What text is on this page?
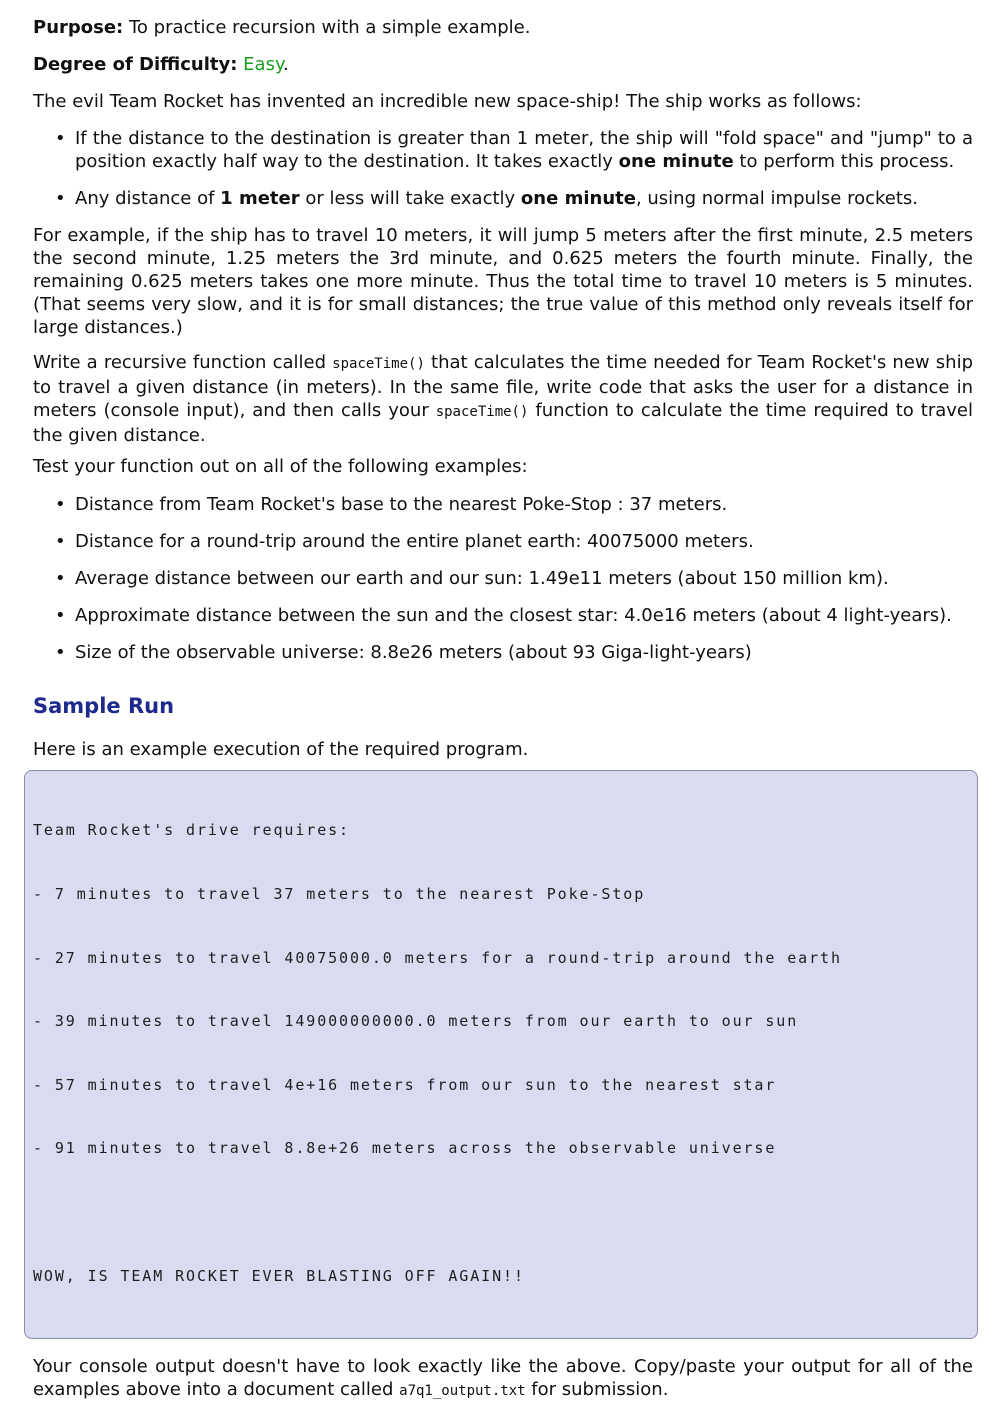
Purpose: To practice recursion with a simple example.

Degree of Difficulty: Easy.

The evil Team Rocket has invented an incredible new space-ship! The ship works as follows:

• If the distance to the destination is greater than 1 meter, the ship will "fold space" and "jump" to a position exactly half way to the destination. It takes exactly one minute to perform this process.
• Any distance of 1 meter or less will take exactly one minute, using normal impulse rockets.

For example, if the ship has to travel 10 meters, it will jump 5 meters after the first minute, 2.5 meters the second minute, 1.25 meters the 3rd minute, and 0.625 meters the fourth minute. Finally, the remaining 0.625 meters takes one more minute. Thus the total time to travel 10 meters is 5 minutes. (That seems very slow, and it is for small distances; the true value of this method only reveals itself for large distances.)

Write a recursive function called spaceTime() that calculates the time needed for Team Rocket's new ship to travel a given distance (in meters). In the same file, write code that asks the user for a distance in meters (console input), and then calls your spaceTime() function to calculate the time required to travel the given distance.

Test your function out on all of the following examples:

• Distance from Team Rocket's base to the nearest Poke-Stop : 37 meters.
• Distance for a round-trip around the entire planet earth: 40075000 meters.
• Average distance between our earth and our sun: 1.49e11 meters (about 150 million km).
• Approximate distance between the sun and the closest star: 4.0e16 meters (about 4 light-years).
• Size of the observable universe: 8.8e26 meters (about 93 Giga-light-years)
Sample Run

Here is an example execution of the required program.

Team Rocket's drive requires:

- 7 minutes to travel 37 meters to the nearest Poke-Stop

- 27 minutes to travel 40075000.0 meters for a round-trip around the earth

- 39 minutes to travel 149000000000.0 meters from our earth to our sun

- 57 minutes to travel 4e+16 meters from our sun to the nearest star

- 91 minutes to travel 8.8e+26 meters across the observable universe

WOW, IS TEAM ROCKET EVER BLASTING OFF AGAIN!!

Your console output doesn't have to look exactly like the above. Copy/paste your output for all of the examples above into a document called a7q1_output.txt for submission.
